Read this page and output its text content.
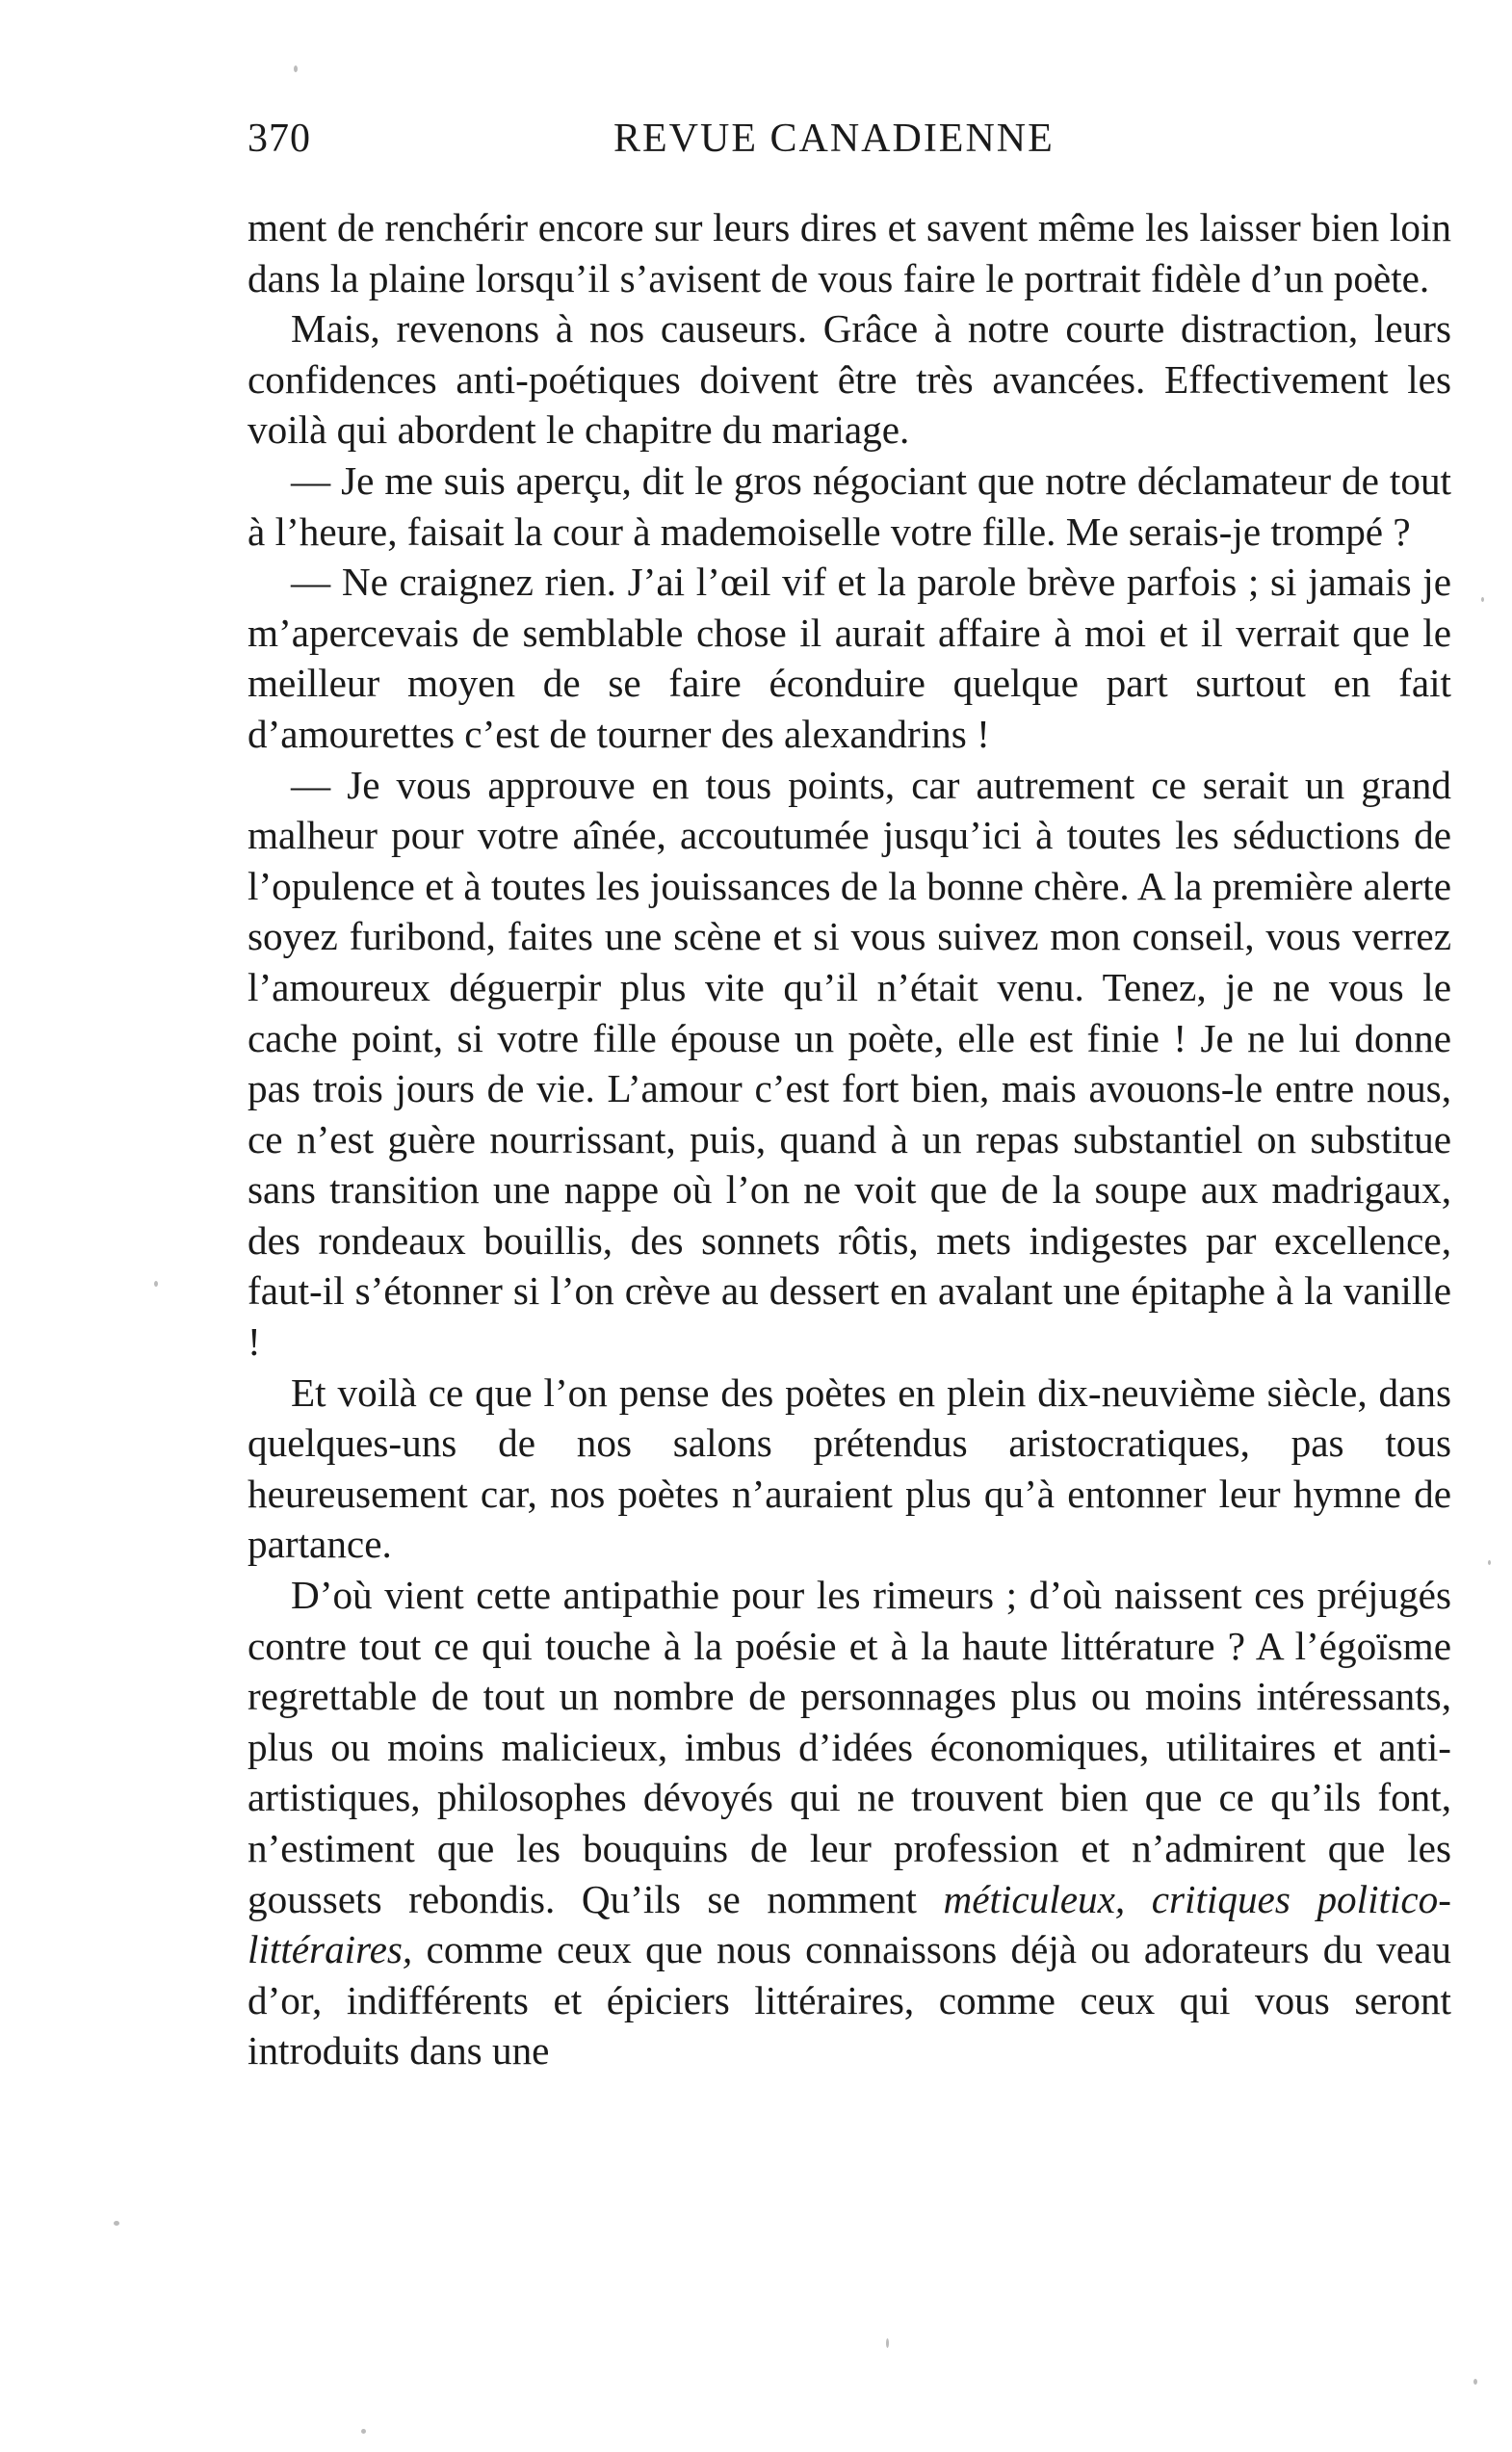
370	REVUE CANADIENNE

ment de renchérir encore sur leurs dires et savent même les laisser bien loin dans la plaine lorsqu’il s’avisent de vous faire le portrait fidèle d’un poète.

Mais, revenons à nos causeurs. Grâce à notre courte distraction, leurs confidences anti-poétiques doivent être très avancées. Effectivement les voilà qui abordent le chapitre du mariage.

— Je me suis aperçu, dit le gros négociant que notre déclamateur de tout à l’heure, faisait la cour à mademoiselle votre fille. Me serais-je trompé ?

— Ne craignez rien. J’ai l’œil vif et la parole brève parfois ; si jamais je m’apercevais de semblable chose il aurait affaire à moi et il verrait que le meilleur moyen de se faire éconduire quelque part surtout en fait d’amourettes c’est de tourner des alexandrins !

— Je vous approuve en tous points, car autrement ce serait un grand malheur pour votre aînée, accoutumée jusqu’ici à toutes les séductions de l’opulence et à toutes les jouissances de la bonne chère. A la première alerte soyez furibond, faites une scène et si vous suivez mon conseil, vous verrez l’amoureux déguerpir plus vite qu’il n’était venu. Tenez, je ne vous le cache point, si votre fille épouse un poète, elle est finie ! Je ne lui donne pas trois jours de vie. L’amour c’est fort bien, mais avouons-le entre nous, ce n’est guère nourrissant, puis, quand à un repas substantiel on substitue sans transition une nappe où l’on ne voit que de la soupe aux madrigaux, des rondeaux bouillis, des sonnets rôtis, mets indigestes par excellence, faut-il s’étonner si l’on crève au dessert en avalant une épitaphe à la vanille !

Et voilà ce que l’on pense des poètes en plein dix-neuvième siècle, dans quelques-uns de nos salons prétendus aristocratiques, pas tous heureusement car, nos poètes n’auraient plus qu’à entonner leur hymne de partance.

D’où vient cette antipathie pour les rimeurs ; d’où naissent ces préjugés contre tout ce qui touche à la poésie et à la haute littérature ? A l’égoïsme regrettable de tout un nombre de personnages plus ou moins intéressants, plus ou moins malicieux, imbus d’idées économiques, utilitaires et anti-artistiques, philosophes dévoyés qui ne trouvent bien que ce qu’ils font, n’estiment que les bouquins de leur profession et n’admirent que les goussets rebondis. Qu’ils se nomment méticuleux, critiques politico-littéraires, comme ceux que nous connaissons déjà ou adorateurs du veau d’or, indifférents et épiciers littéraires, comme ceux qui vous seront introduits dans une
